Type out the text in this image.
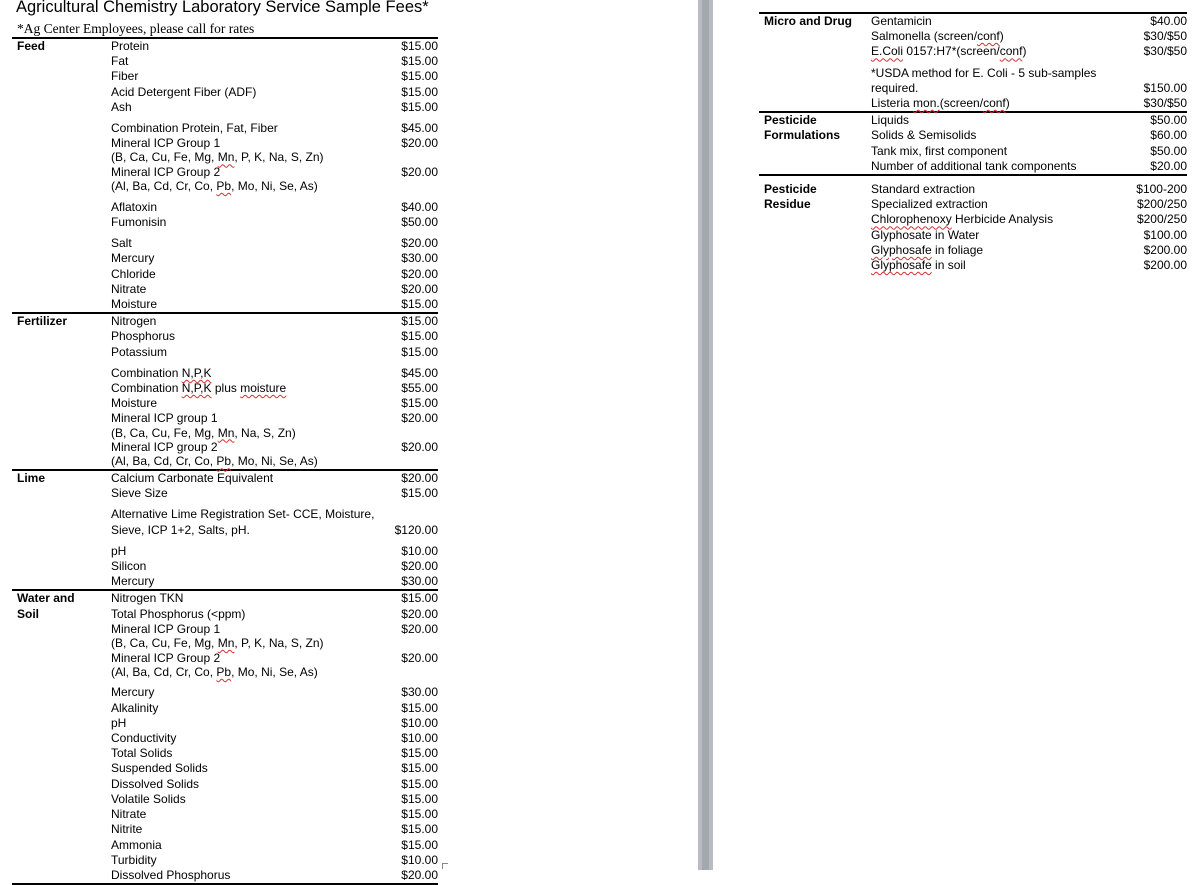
Agricultural Chemistry Laboratory Service Sample Fees*
*Ag Center Employees, please call for rates
Feed	Protein	$15.00
	Fat	$15.00
	Fiber	$15.00
	Acid Detergent Fiber (ADF)	$15.00
	Ash	$15.00
	Combination Protein, Fat, Fiber	$45.00
	Mineral ICP Group 1	$20.00
	(B, Ca, Cu, Fe, Mg, Mn, P, K, Na, S, Zn)	
	Mineral ICP Group 2	$20.00
	(Al, Ba, Cd, Cr, Co, Pb, Mo, Ni, Se, As)	
	Aflatoxin	$40.00
	Fumonisin	$50.00
	Salt	$20.00
	Mercury	$30.00
	Chloride	$20.00
	Nitrate	$20.00
	Moisture	$15.00
Fertilizer	Nitrogen	$15.00
	Phosphorus	$15.00
	Potassium	$15.00
	Combination N,P,K	$45.00
	Combination N,P,K plus moisture	$55.00
	Moisture	$15.00
	Mineral ICP group 1	$20.00
	(B, Ca, Cu, Fe, Mg, Mn, Na, S, Zn)	
	Mineral ICP group 2	$20.00
	(Al, Ba, Cd, Cr, Co, Pb, Mo, Ni, Se, As)	
Lime	Calcium Carbonate Equivalent	$20.00
	Sieve Size	$15.00
	Alternative Lime Registration Set- CCE, Moisture,	
	Sieve, ICP 1+2, Salts, pH.	$120.00
	pH	$10.00
	Silicon	$20.00
	Mercury	$30.00
Water and	Nitrogen TKN	$15.00
Soil	Total Phosphorus (<ppm)	$20.00
	Mineral ICP Group 1	$20.00
	(B, Ca, Cu, Fe, Mg, Mn, P, K, Na, S, Zn)	
	Mineral ICP Group 2	$20.00
	(Al, Ba, Cd, Cr, Co, Pb, Mo, Ni, Se, As)	
	Mercury	$30.00
	Alkalinity	$15.00
	pH	$10.00
	Conductivity	$10.00
	Total Solids	$15.00
	Suspended Solids	$15.00
	Dissolved Solids	$15.00
	Volatile Solids	$15.00
	Nitrate	$15.00
	Nitrite	$15.00
	Ammonia	$15.00
	Turbidity	$10.00
	Dissolved Phosphorus	$20.00
Micro and Drug	Gentamicin	$40.00
	Salmonella (screen/conf)	$30/$50
	E.Coli 0157:H7*(screen/conf)	$30/$50
	*USDA method for E. Coli - 5 sub-samples	
	required.	$150.00
	Listeria mon.(screen/conf)	$30/$50
Pesticide	Liquids	$50.00
Formulations	Solids & Semisolids	$60.00
	Tank mix, first component	$50.00
	Number of additional tank components	$20.00
Pesticide	Standard extraction	$100-200
Residue	Specialized extraction	$200/250
	Chlorophenoxy Herbicide Analysis	$200/250
	Glyphosate in Water	$100.00
	Glyphosafe in foliage	$200.00
	Glyphosafe in soil	$200.00
